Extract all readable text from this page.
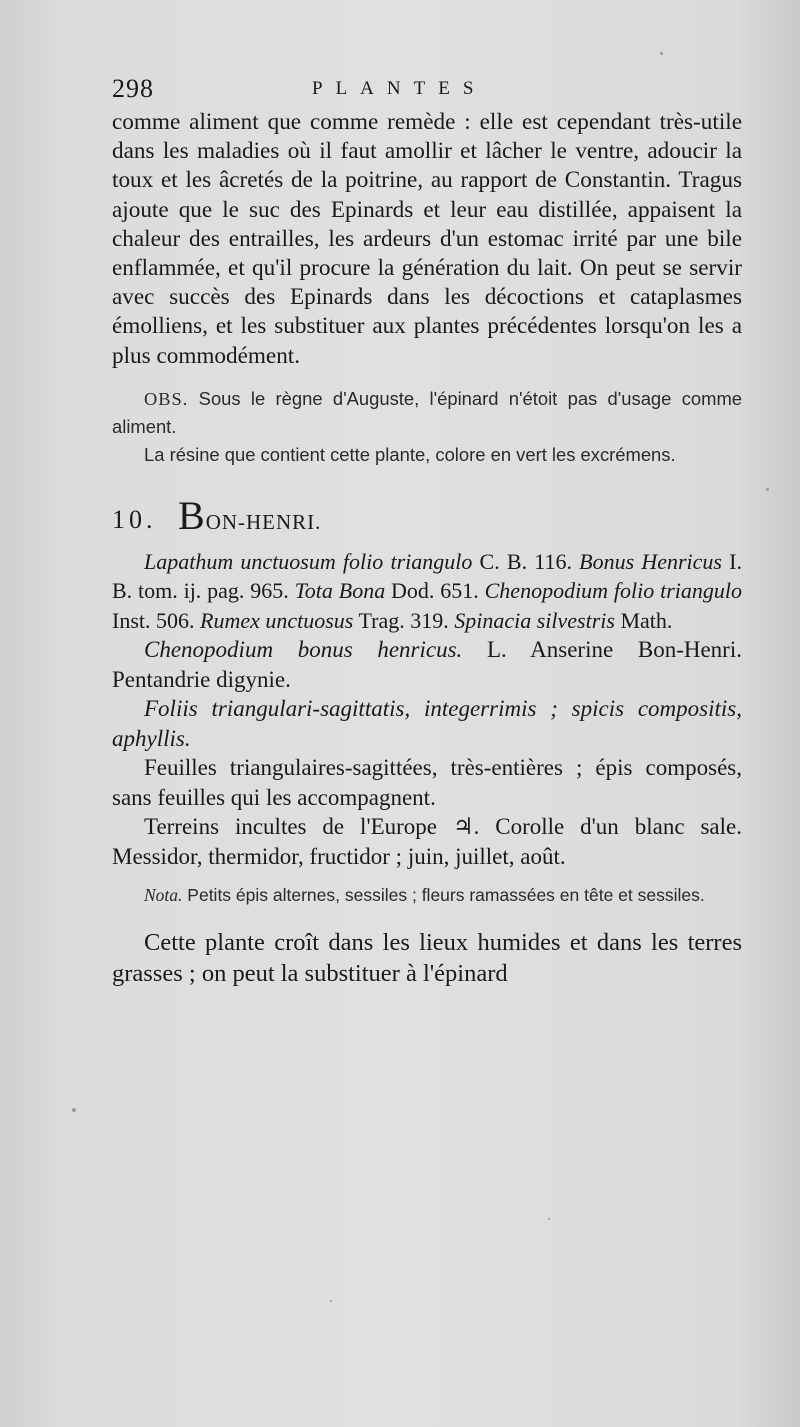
298	PLANTES

comme aliment que comme remède : elle est cependant très-utile dans les maladies où il faut amollir et lâcher le ventre, adoucir la toux et les âcretés de la poitrine, au rapport de Constantin. Tragus ajoute que le suc des Epinards et leur eau distillée, appaisent la chaleur des entrailles, les ardeurs d'un estomac irrité par une bile enflammée, et qu'il procure la génération du lait. On peut se servir avec succès des Epinards dans les décoctions et cataplasmes émolliens, et les substituer aux plantes précédentes lorsqu'on les a plus commodément.

OBS. Sous le règne d'Auguste, l'épinard n'étoit pas d'usage comme aliment.

La résine que contient cette plante, colore en vert les excrémens.

10. BON-HENRI.

Lapathum unctuosum folio triangulo C. B. 116. Bonus Henricus I. B. tom. ij. pag. 965. Tota Bona Dod. 651. Chenopodium folio triangulo Inst. 506. Rumex unctuosus Trag. 319. Spinacia silvestris Math.

Chenopodium bonus henricus. L. Anserine Bon-Henri. Pentandrie digynie.

Foliis triangulari-sagittatis, integerrimis ; spicis compositis, aphyllis.

Feuilles triangulaires-sagittées, très-entières ; épis composés, sans feuilles qui les accompagnent.

Terreins incultes de l'Europe ♃. Corolle d'un blanc sale. Messidor, thermidor, fructidor ; juin, juillet, août.

Nota. Petits épis alternes, sessiles ; fleurs ramassées en tête et sessiles.

Cette plante croît dans les lieux humides et dans les terres grasses ; on peut la substituer à l'épinard
